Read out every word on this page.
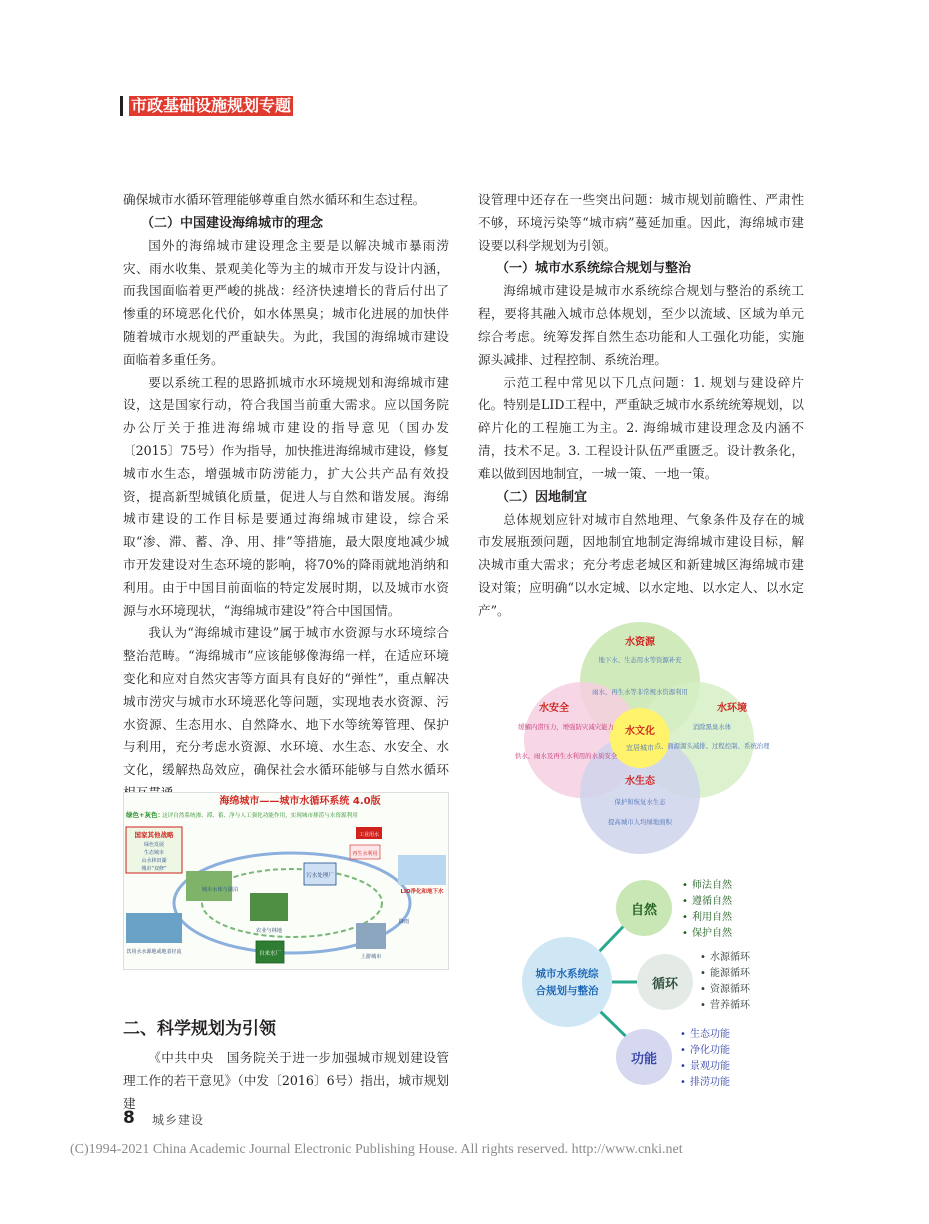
市政基础设施规划专题

确保城市水循环管理能够尊重自然水循环和生态过程。

（二）中国建设海绵城市的理念

国外的海绵城市建设理念主要是以解决城市暴雨涝灾、雨水收集、景观美化等为主的城市开发与设计内涵，而我国面临着更严峻的挑战：经济快速增长的背后付出了惨重的环境恶化代价，如水体黑臭；城市化进展的加快伴随着城市水规划的严重缺失。为此，我国的海绵城市建设面临着多重任务。

要以系统工程的思路抓城市水环境规划和海绵城市建设，这是国家行动，符合我国当前重大需求。应以国务院办公厅关于推进海绵城市建设的指导意见（国办发〔2015〕75号）作为指导，加快推进海绵城市建设，修复城市水生态，增强城市防涝能力，扩大公共产品有效投资，提高新型城镇化质量，促进人与自然和谐发展。海绵城市建设的工作目标是要通过海绵城市建设，综合采取“渗、滞、蓄、净、用、排”等措施，最大限度地减少城市开发建设对生态环境的影响，将70%的降雨就地消纳和利用。由于中国目前面临的特定发展时期，以及城市水资源与水环境现状，“海绵城市建设”符合中国国情。

我认为“海绵城市建设”属于城市水资源与水环境综合整治范畴。“海绵城市”应该能够像海绵一样，在适应环境变化和应对自然灾害等方面具有良好的“弹性”，重点解决城市涝灾与城市水环境恶化等问题，实现地表水资源、污水资源、生态用水、自然降水、地下水等统筹管理、保护与利用，充分考虑水资源、水环境、水生态、水安全、水文化，缓解热岛效应，确保社会水循环能够与自然水循环

海绵城市——城市水循环系统 4.0版
绿色+灰色：
这评自然系统渗、滞、蓄、净与人工强化功能作用，实现城市排涝与水资源利用
国家其他战略
绿色发展
生态城市
山水林田湖
城市“双修”
污水处理厂
自来水厂
城市水体与湖泊	LID净化和地下水
饮用水水源地或地表径流
农业与林地
上游城市
降雨
再生水利用
工业用水
二、科学规划为引领

《中共中央　国务院关于进一步加强城市规划建设管理工作的若干意见》（中发〔2016〕6号）指出，城市规划建

设管理中还存在一些突出问题：城市规划前瞻性、严肃性不够，环境污染等“城市病”蔓延加重。因此，海绵城市建设要以科学规划为引领。

（一）城市水系统综合规划与整治

海绵城市建设是城市水系统综合规划与整治的系统工程，要将其融入城市总体规划，至少以流域、区域为单元综合考虑。统筹发挥自然生态功能和人工强化功能，实施源头减排、过程控制、系统治理。

示范工程中常见以下几点问题：1. 规划与建设碎片化。特别是LID工程中，严重缺乏城市水系统统筹规划，以碎片化的工程施工为主。2. 海绵城市建设理念及内涵不清，技术不足。3. 工程设计队伍严重匮乏。设计教条化，难以做到因地制宜，一城一策、一地一策。

（二）因地制宜

总体规划应针对城市自然地理、气象条件及存在的城市发展瓶颈问题，因地制宜地制定海绵城市建设目标，解决城市重大需求；充分考虑老城区和新建城区海绵城市建设对策；应明确“以水定城、以水定地、以水定人、以水定产”。

水资源
地下水、生态用水等资源补充
雨水、再生水等非常规水资源利用
水安全
缓解内涝压力，增强防灾减灾能力
供水、雨水及再生水利用的水质安全
水环境
消除黑臭水体
点、面源源头减排、过程控制、系统治理
水文化
宜居城市
水生态
保护和恢复水生态
提高城市人均绿地面积
城市水系统综
合规划与整治
自然
循环
功能
• 师法自然
• 遵循自然
• 利用自然
• 保护自然
• 水源循环
• 能源循环
• 资源循环
• 营养循环
• 生态功能
• 净化功能
• 景观功能
• 排涝功能
8 城乡建设
(C)1994-2021 China Academic Journal Electronic Publishing House. All rights reserved. http://www.cnki.net
